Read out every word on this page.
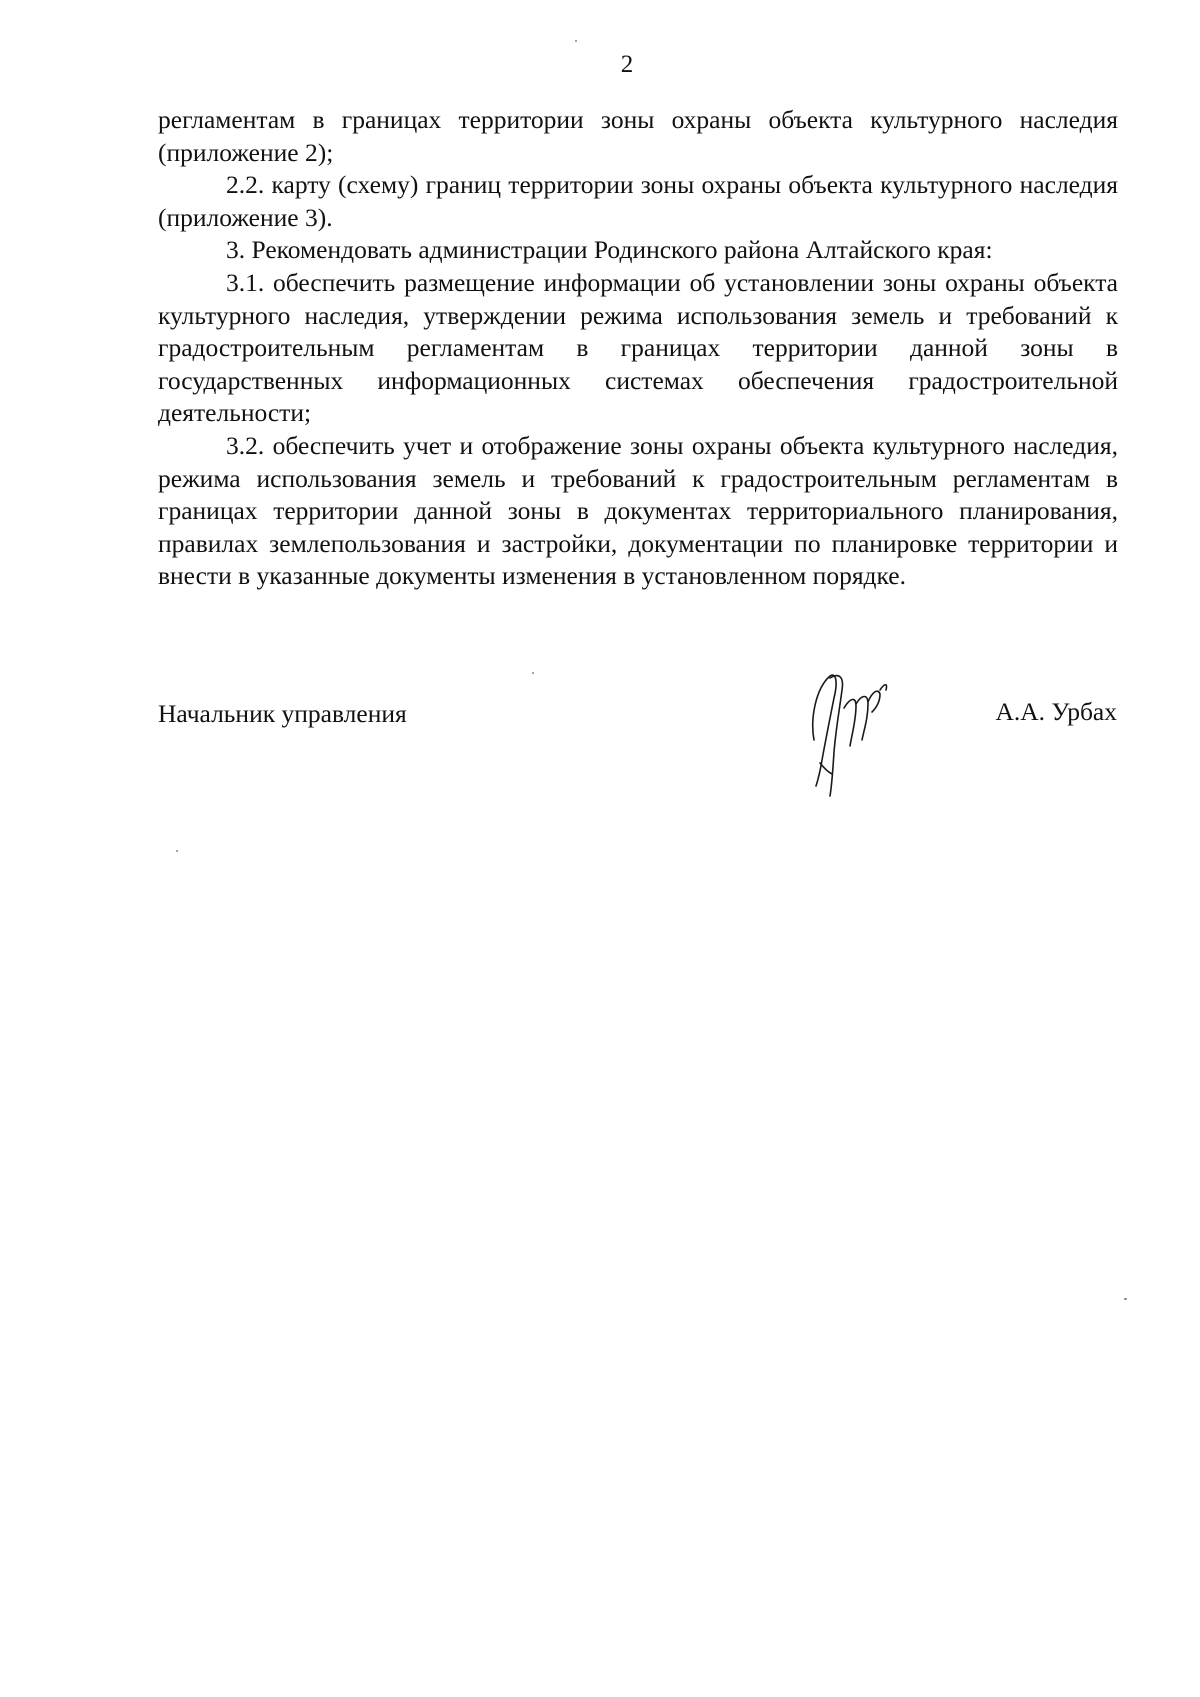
2

регламентам в границах территории зоны охраны объекта культурного наследия (приложение 2);

2.2. карту (схему) границ территории зоны охраны объекта культурного наследия (приложение 3).

3. Рекомендовать администрации Родинского района Алтайского края:

3.1. обеспечить размещение информации об установлении зоны охраны объекта культурного наследия, утверждении режима использования земель и требований к градостроительным регламентам в границах территории данной зоны в государственных информационных системах обеспечения градостроительной деятельности;

3.2. обеспечить учет и отображение зоны охраны объекта культурного наследия, режима использования земель и требований к градостроительным регламентам в границах территории данной зоны в документах территориального планирования, правилах землепользования и застройки, документации по планировке территории и внести в указанные документы изменения в установленном порядке.

Начальник управления	А.А. Урбах
